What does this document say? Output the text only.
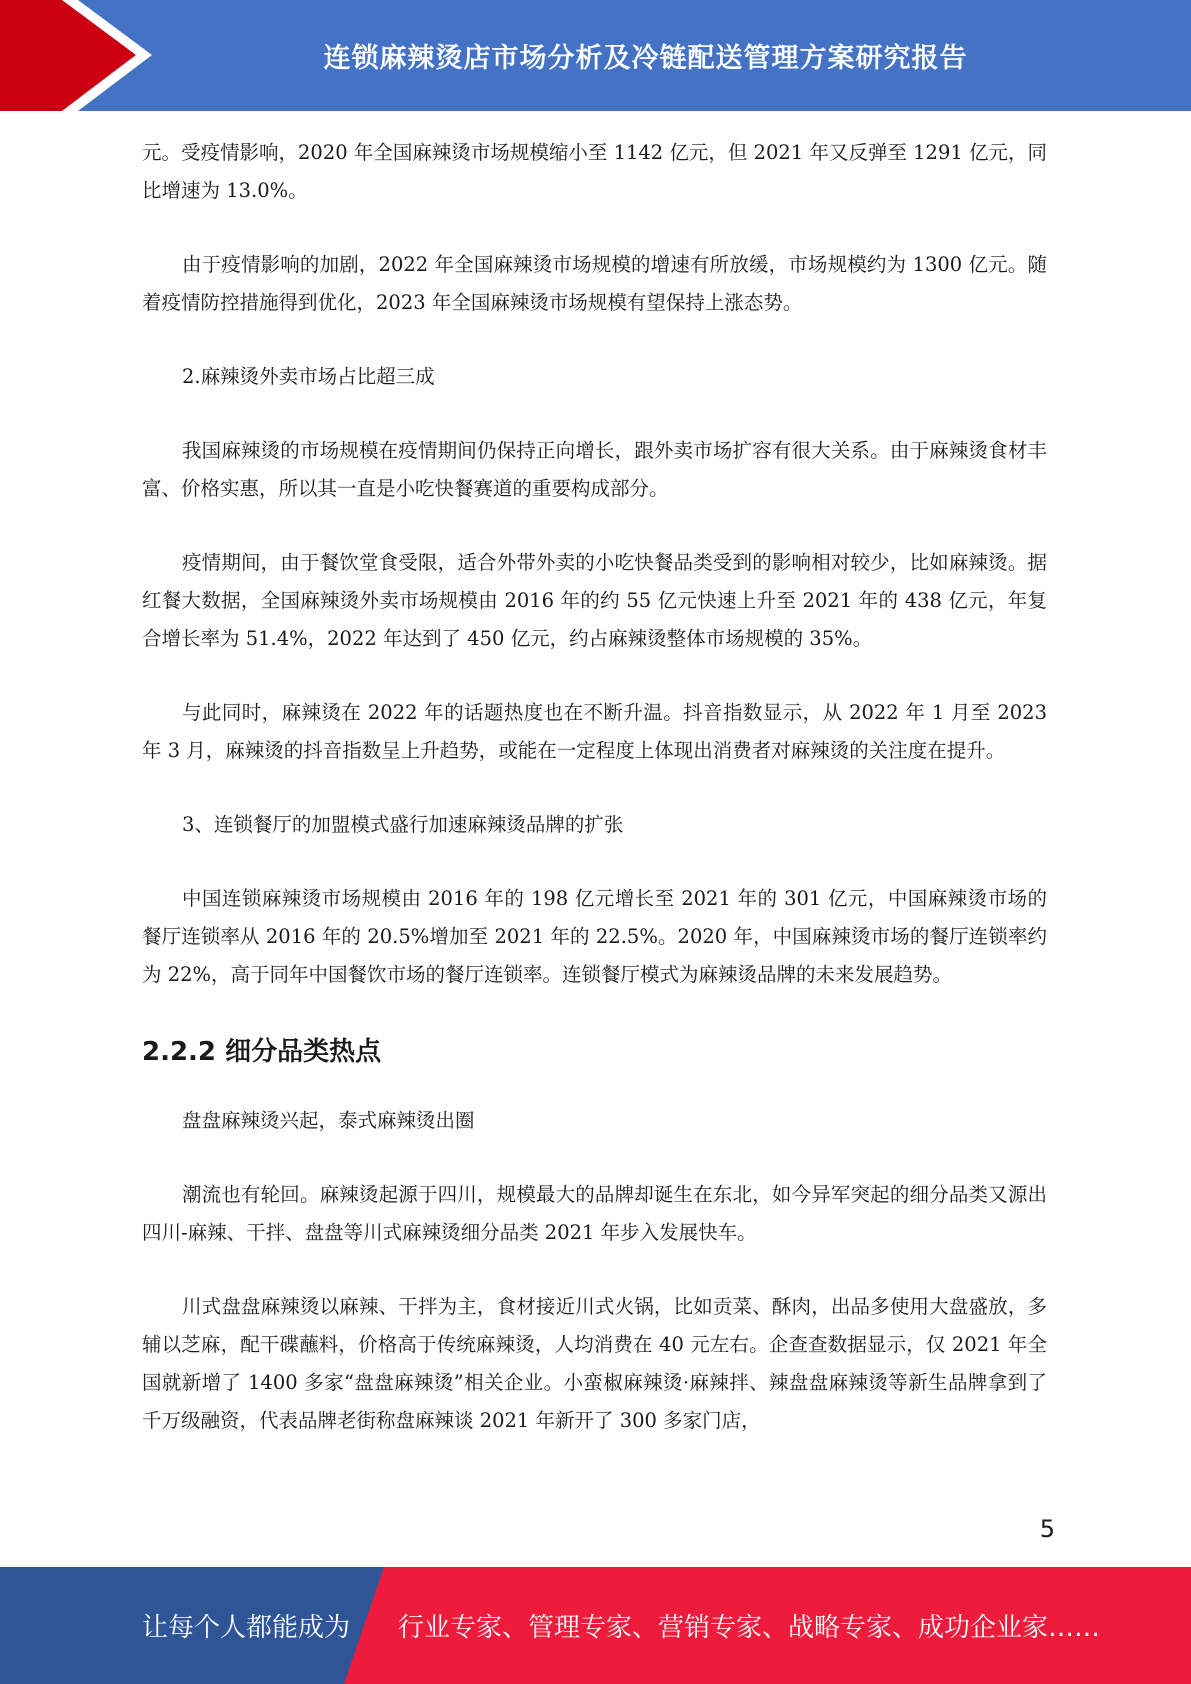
连锁麻辣烫店市场分析及冷链配送管理方案研究报告

元。受疫情影响，2020 年全国麻辣烫市场规模缩小至 1142 亿元，但 2021 年又反弹至 1291 亿元，同比增速为 13.0%。

由于疫情影响的加剧，2022 年全国麻辣烫市场规模的增速有所放缓，市场规模约为 1300 亿元。随着疫情防控措施得到优化，2023 年全国麻辣烫市场规模有望保持上涨态势。

2.麻辣烫外卖市场占比超三成

我国麻辣烫的市场规模在疫情期间仍保持正向增长，跟外卖市场扩容有很大关系。由于麻辣烫食材丰富、价格实惠，所以其一直是小吃快餐赛道的重要构成部分。

疫情期间，由于餐饮堂食受限，适合外带外卖的小吃快餐品类受到的影响相对较少，比如麻辣烫。据红餐大数据，全国麻辣烫外卖市场规模由 2016 年的约 55 亿元快速上升至 2021 年的 438 亿元，年复合增长率为 51.4%，2022 年达到了 450 亿元，约占麻辣烫整体市场规模的 35%。

与此同时，麻辣烫在 2022 年的话题热度也在不断升温。抖音指数显示，从 2022 年 1 月至 2023 年 3 月，麻辣烫的抖音指数呈上升趋势，或能在一定程度上体现出消费者对麻辣烫的关注度在提升。

3、连锁餐厅的加盟模式盛行加速麻辣烫品牌的扩张

中国连锁麻辣烫市场规模由 2016 年的 198 亿元增长至 2021 年的 301 亿元，中国麻辣烫市场的餐厅连锁率从 2016 年的 20.5%增加至 2021 年的 22.5%。2020 年，中国麻辣烫市场的餐厅连锁率约为 22%，高于同年中国餐饮市场的餐厅连锁率。连锁餐厅模式为麻辣烫品牌的未来发展趋势。

2.2.2 细分品类热点

盘盘麻辣烫兴起，泰式麻辣烫出圈

潮流也有轮回。麻辣烫起源于四川，规模最大的品牌却诞生在东北，如今异军突起的细分品类又源出四川-麻辣、干拌、盘盘等川式麻辣烫细分品类 2021 年步入发展快车。

川式盘盘麻辣烫以麻辣、干拌为主，食材接近川式火锅，比如贡菜、酥肉，出品多使用大盘盛放，多辅以芝麻，配干碟蘸料，价格高于传统麻辣烫，人均消费在 40 元左右。企查查数据显示，仅 2021 年全国就新增了 1400 多家“盘盘麻辣烫”相关企业。小蛮椒麻辣烫·麻辣拌、辣盘盘麻辣烫等新生品牌拿到了千万级融资，代表品牌老街称盘麻辣谈 2021 年新开了 300 多家门店，

5
让每个人都能成为 行业专家、管理专家、营销专家、战略专家、成功企业家……
